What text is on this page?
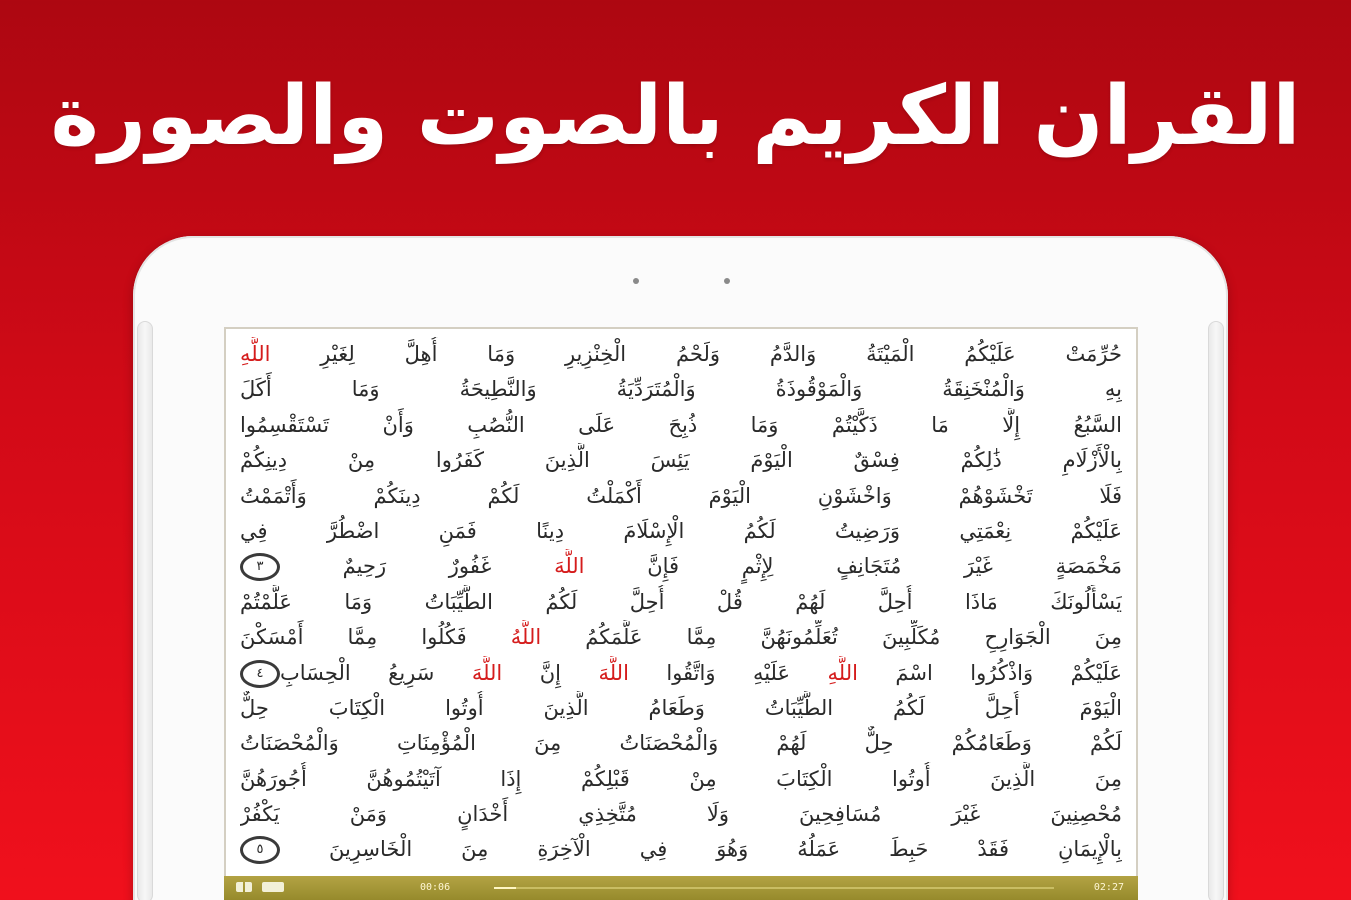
القران الكريم بالصوت والصورة
حُرِّمَتْ عَلَيْكُمُ الْمَيْتَةُ وَالدَّمُ وَلَحْمُ الْخِنْزِيرِ وَمَا أُهِلَّ لِغَيْرِ اللَّهِ
بِهِ وَالْمُنْخَنِقَةُ وَالْمَوْقُوذَةُ وَالْمُتَرَدِّيَةُ وَالنَّطِيحَةُ وَمَا أَكَلَ
السَّبُعُ إِلَّا مَا ذَكَّيْتُمْ وَمَا ذُبِحَ عَلَى النُّصُبِ وَأَنْ تَسْتَقْسِمُوا
بِالْأَزْلَامِ ذَٰلِكُمْ فِسْقٌ الْيَوْمَ يَئِسَ الَّذِينَ كَفَرُوا مِنْ دِينِكُمْ
فَلَا تَخْشَوْهُمْ وَاخْشَوْنِ الْيَوْمَ أَكْمَلْتُ لَكُمْ دِينَكُمْ وَأَتْمَمْتُ
عَلَيْكُمْ نِعْمَتِي وَرَضِيتُ لَكُمُ الْإِسْلَامَ دِينًا فَمَنِ اضْطُرَّ فِي
مَخْمَصَةٍ غَيْرَ مُتَجَانِفٍ لِإِثْمٍ فَإِنَّ اللَّهَ غَفُورٌ رَحِيمٌ ٣
يَسْأَلُونَكَ مَاذَا أُحِلَّ لَهُمْ قُلْ أُحِلَّ لَكُمُ الطَّيِّبَاتُ وَمَا عَلَّمْتُمْ
مِنَ الْجَوَارِحِ مُكَلِّبِينَ تُعَلِّمُونَهُنَّ مِمَّا عَلَّمَكُمُ اللَّهُ فَكُلُوا مِمَّا أَمْسَكْنَ
عَلَيْكُمْ وَاذْكُرُوا اسْمَ اللَّهِ عَلَيْهِ وَاتَّقُوا اللَّهَ إِنَّ اللَّهَ سَرِيعُ الْحِسَابِ٤
الْيَوْمَ أُحِلَّ لَكُمُ الطَّيِّبَاتُ وَطَعَامُ الَّذِينَ أُوتُوا الْكِتَابَ حِلٌّ
لَكُمْ وَطَعَامُكُمْ حِلٌّ لَهُمْ وَالْمُحْصَنَاتُ مِنَ الْمُؤْمِنَاتِ وَالْمُحْصَنَاتُ
مِنَ الَّذِينَ أُوتُوا الْكِتَابَ مِنْ قَبْلِكُمْ إِذَا آتَيْتُمُوهُنَّ أُجُورَهُنَّ
مُحْصِنِينَ غَيْرَ مُسَافِحِينَ وَلَا مُتَّخِذِي أَخْدَانٍ وَمَنْ يَكْفُرْ
بِالْإِيمَانِ فَقَدْ حَبِطَ عَمَلُهُ وَهُوَ فِي الْآخِرَةِ مِنَ الْخَاسِرِينَ ٥
00:06	02:27
